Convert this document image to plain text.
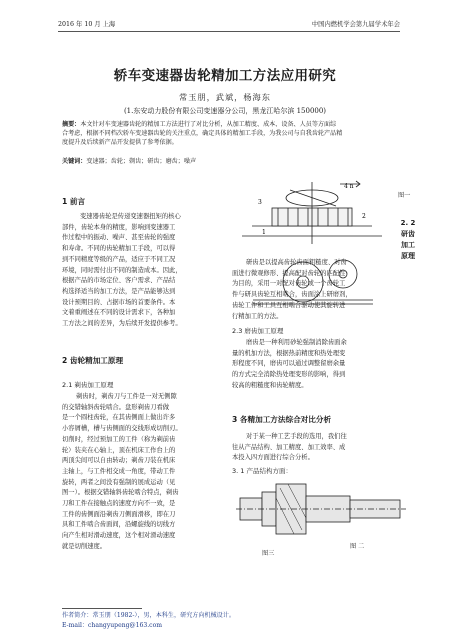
2016 年 10 月 上海	中国内燃机学会第九届学术年会
轿车变速器齿轮精加工方法应用研究
常玉朋，武斌，杨海东
(1.东安动力股份有限公司变速器分公司，黑龙江哈尔滨 150000)
摘要：本文针对车变速器齿轮的精加工方法进行了对比分析，从加工精度、成本、设备、人员等方面综
合考虑，根据不同档次轿车变速器齿轮的关注重点，确定具体的精加工手段，为我公司与自我齿轮产品精
度提升及后续新产品开发提供了参考依据。
关键词：变速器；齿轮；剃齿；研齿；磨齿；噪声
1 前言
变速器齿轮是传递变速器扭矩的核心
部件，齿轮本身的精度，影响到变速器工
作过程中的振动、噪声、甚至齿轮的强度
和寿命。不同的齿轮精加工手段，可以得
到不同精度等级的产品，适应于不同工况
环境，同时需付出不同的制造成本。因此，
根据产品的市场定位、客户需求、产品结
构选择适当的加工方法，是产品能够达到
设计预期目的、占据市场的首要条件。本
文着重阐述在不同的设计需求下，各种加
工方法之间的差异，为后续开发提供参考。
2 齿轮精加工原理
2.1 剃齿加工原理
剃齿时，剃齿刀与工件是一对无侧隙
的交错轴斜齿轮啮合。盘形剃齿刀看做
是一个圆柱齿轮，在其齿侧面上做出许多
小容屑槽，槽与齿侧面的交线形成切削刃。
切削时，经过预加工的工件（称为剃前齿
轮）装夹在心轴上，顶在机床工作台上的
两顶尖间可以自由转动；剃齿刀装在机床
主轴上，与工件相交成一角度，带动工件
旋转，两者之间没有强制的展成运动（见
图一）。根据交错轴斜齿轮啮合特点，剃齿
刀和工件在接触点的速度方向不一致，是
工件的齿侧面沿剃齿刀侧面滑移，即在刀
具和工件啮合齿面间，沿螺旋线的切线方
向产生相对滑动速度，这个相对滑动速度
就是切削速度。
4 n
3
2
1
图一
2. 2
研齿
加工
原理
研齿是以提高齿轮齿面粗糙度、对齿
面进行微观修形、提高配对齿轮的匹配性
为目的，采用一对配对齿轮或一个齿轮工
件与研具齿轮互相啮合，齿面涂上研磨剂，
齿轮工件和工具互相啮合驱动使其旋转进
行精加工的方法。
2.3 磨齿加工原理
磨齿是一种利用砂轮强制消除齿面余
量的机加方法，根据热前精度和热处理变
形程度不同，磨齿可以通过调整留磨余量
的方式完全消除热处理变形的影响，得到
较高的粗糙度和齿轮精度。
3 各精加工方法综合对比分析
对于某一种工艺手段的选用，我们往
往从产品结构、加工精度、加工效率、成
本投入四方面进行综合分析。
3. 1 产品结构方面：
图三
图 二
作者简介：常玉朋（1982-），男，本科生，研究方向机械设计。
E-mail：changyupeng@163.com
